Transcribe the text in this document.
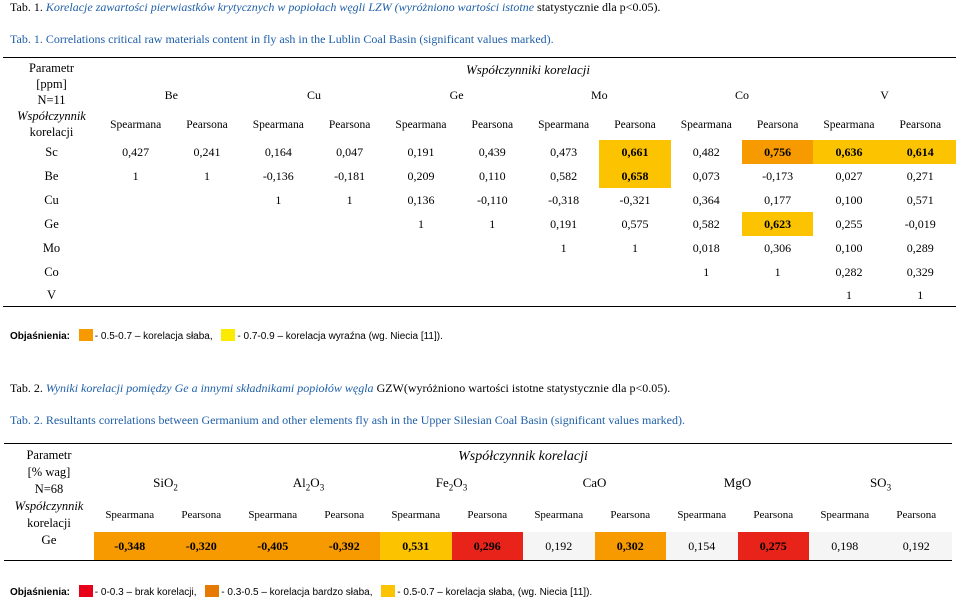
Tab. 1. Korelacje zawartości pierwiastków krytycznych w popiołach węgli LZW (wyróżniono wartości istotne statystycznie dla p<0.05).
Tab. 1. Correlations critical raw materials content in fly ash in the Lublin Coal Basin (significant values marked).
Parametr
[ppm]
N=11
Współczynnik
korelacji	Współczynniki korelacji											
	Be		Cu		Ge		Mo		Co		V	
	Spearmana	Pearsona	Spearmana	Pearsona	Spearmana	Pearsona	Spearmana	Pearsona	Spearmana	Pearsona	Spearmana	Pearsona
Sc	0,427	0,241	0,164	0,047	0,191	0,439	0,473	0,661	0,482	0,756	0,636	0,614
Be	1	1	-0,136	-0,181	0,209	0,110	0,582	0,658	0,073	-0,173	0,027	0,271
Cu			1	1	0,136	-0,110	-0,318	-0,321	0,364	0,177	0,100	0,571
Ge					1	1	0,191	0,575	0,582	0,623	0,255	-0,019
Mo							1	1	0,018	0,306	0,100	0,289
Co									1	1	0,282	0,329
V											1	1
Objaśnienia: - 0.5-0.7 – korelacja słaba, - 0.7-0.9 – korelacja wyraźna (wg. Niecia [11]).
Tab. 2. Wyniki korelacji pomiędzy Ge a innymi składnikami popiołów węgla GZW(wyróżniono wartości istotne statystycznie dla p<0.05).
Tab. 2. Resultants correlations between Germanium and other elements fly ash in the Upper Silesian Coal Basin (significant values marked).
Parametr
[% wag]
N=68
Współczynnik
korelacji	Współczynnik korelacji											
	SiO$_2$		$Al_2O_3$		$Fe_2O_3$		CaO		MgO		$SO_3$
	Spearmana	Pearsona	Spearmana	Pearsona	Spearmana	Pearsona	Spearmana	Pearsona	Spearmana	Pearsona	Spearmana	Pearsona
Ge	-0,348	-0,320	-0,405	-0,392	0,531	0,296	0,192	0,302	0,154	0,275	0,198	0,192
Objaśnienia: - 0-0.3 – brak korelacji, - 0.3-0.5 – korelacja bardzo słaba, - 0.5-0.7 – korelacja słaba, (wg. Niecia [11]).
